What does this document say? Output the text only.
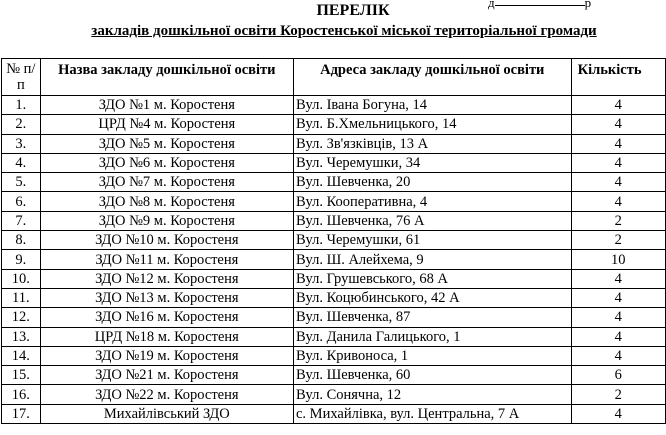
д	р
ПЕРЕЛІК
закладів дошкільної освіти Коростенської міської територіальної громади
№ п/п	Назва закладу дошкільної освіти	Адреса закладу дошкільної освіти	Кількість
1.	ЗДО №1 м. Коростеня	Вул. Івана Богуна, 14	4
2.	ЦРД №4 м. Коростеня	Вул. Б.Хмельницького, 14	4
3.	ЗДО №5 м. Коростеня	Вул. Зв'язківців, 13 А	4
4.	ЗДО №6 м. Коростеня	Вул. Черемушки, 34	4
5.	ЗДО №7 м. Коростеня	Вул. Шевченка, 20	4
6.	ЗДО №8 м. Коростеня	Вул. Кооперативна, 4	4
7.	ЗДО №9 м. Коростеня	Вул. Шевченка, 76 А	2
8.	ЗДО №10 м. Коростеня	Вул. Черемушки, 61	2
9.	ЗДО №11 м. Коростеня	Вул. Ш. Алейхема, 9	10
10.	ЗДО №12 м. Коростеня	Вул. Грушевського, 68 А	4
11.	ЗДО №13 м. Коростеня	Вул. Коцюбинського, 42 А	4
12.	ЗДО №16 м. Коростеня	Вул. Шевченка, 87	4
13.	ЦРД №18 м. Коростеня	Вул. Данила Галицького, 1	4
14.	ЗДО №19 м. Коростеня	Вул. Кривоноса, 1	4
15.	ЗДО №21 м. Коростеня	Вул. Шевченка, 60	6
16.	ЗДО №22 м. Коростеня	Вул. Сонячна, 12	2
17.	Михайлівський ЗДО	с. Михайлівка, вул. Центральна, 7 А	4
